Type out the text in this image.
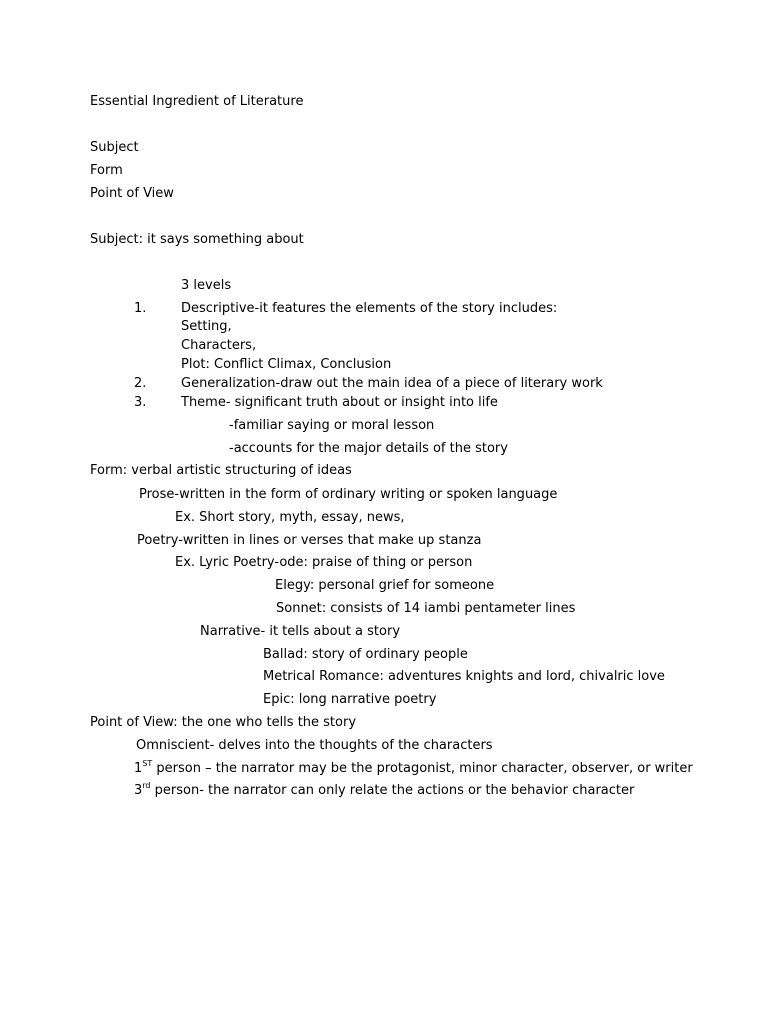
Essential Ingredient of Literature
Subject
Form
Point of View
Subject: it says something about
3 levels
1.	Descriptive-it features the elements of the story includes:
Setting,
Characters,
Plot: Conflict Climax, Conclusion
2.	Generalization-draw out the main idea of a piece of literary work
3.	Theme- significant truth about or insight into life
-familiar saying or moral lesson
-accounts for the major details of the story
Form: verbal artistic structuring of ideas
Prose-written in the form of ordinary writing or spoken language
Ex. Short story, myth, essay, news,
Poetry-written in lines or verses that make up stanza
Ex. Lyric Poetry-ode: praise of thing or person
Elegy: personal grief for someone
Sonnet: consists of 14 iambi pentameter lines
Narrative- it tells about a story
Ballad: story of ordinary people
Metrical Romance: adventures knights and lord, chivalric love
Epic: long narrative poetry
Point of View: the one who tells the story
Omniscient- delves into the thoughts of the characters
1ST person – the narrator may be the protagonist, minor character, observer, or writer
3rd person- the narrator can only relate the actions or the behavior character
